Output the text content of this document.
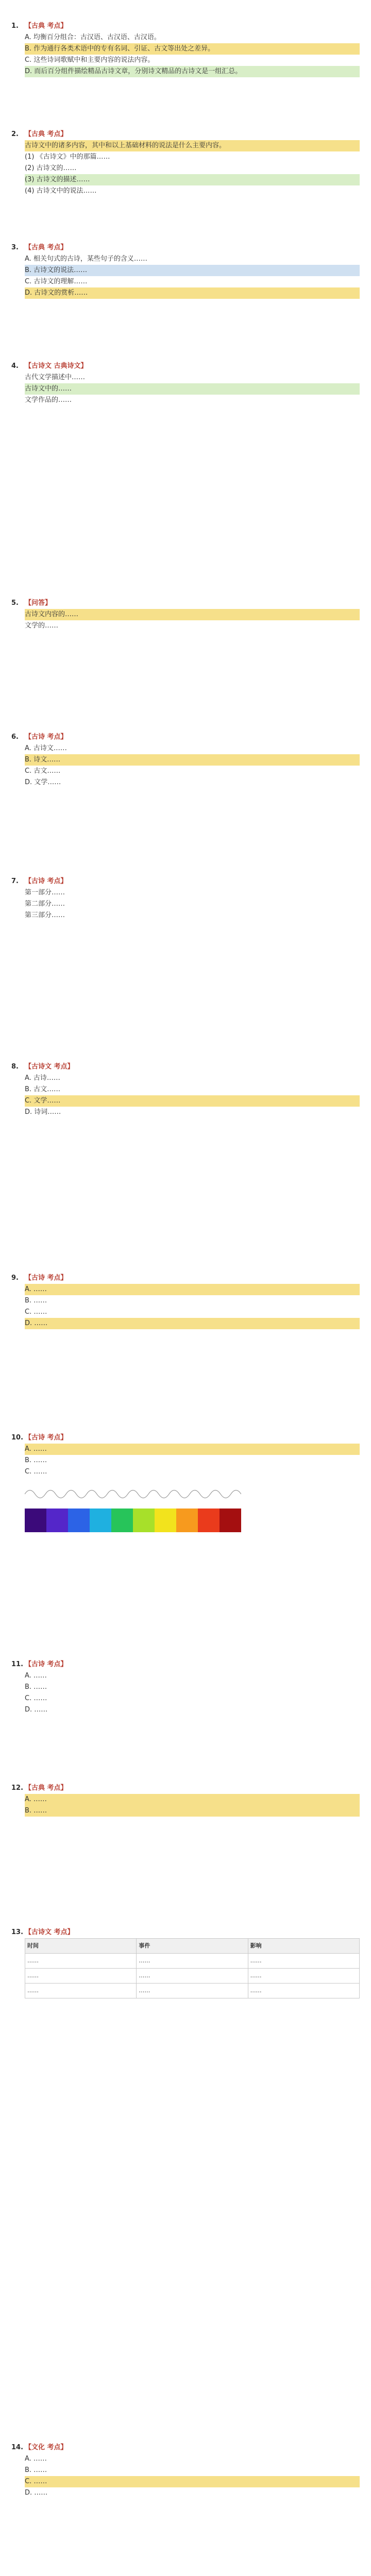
1. 【古典 考点】
A. 均衡百分组合：古汉语、古汉语、古汉语。
B. 作为通行各类术语中的专有名词、引证、古文等出处之差异。
C. 这些诗词歌赋中和主要内容的说法内容。
D. 而后百分组件描绘精品古诗文章，分别诗文精品的古诗文是一组汇总。
2. 【古典 考点】
古诗文中的诸多内容，其中和以上基础材料的说法是什么主要内容。
(1) 《古诗文》中的那篇……
(2) 古诗文的……
(3) 古诗文的描述……
(4) 古诗文中的说法……
3. 【古典 考点】
A. 相关句式的古诗，某些句子的含义……
B. 古诗文的说法……
C. 古诗文的理解……
D. 古诗文的赏析……
4. 【古诗文 古典诗文】
古代文学描述中……
古诗文中的……
文学作品的……
5. 【问答】
古诗文内容的……
文学的……
6. 【古诗 考点】
A. 古诗文……
B. 诗文……
C. 古文……
D. 文学……
7. 【古诗 考点】
第一部分……
第二部分……
第三部分……
8. 【古诗文 考点】
A. 古诗……
B. 古文……
C. 文学……
D. 诗词……
9. 【古诗 考点】
A. ……
B. ……
C. ……
D. ……
10. 【古诗 考点】
A. ……
B. ……
C. ……
11. 【古诗 考点】
A. ……
B. ……
C. ……
D. ……
12. 【古典 考点】
A. ……
B. ……
13. 【古诗文 考点】
时间	事件	影响
……	……	……
……	……	……
……	……	……
14. 【文化 考点】
A. ……
B. ……
C. ……
D. ……
